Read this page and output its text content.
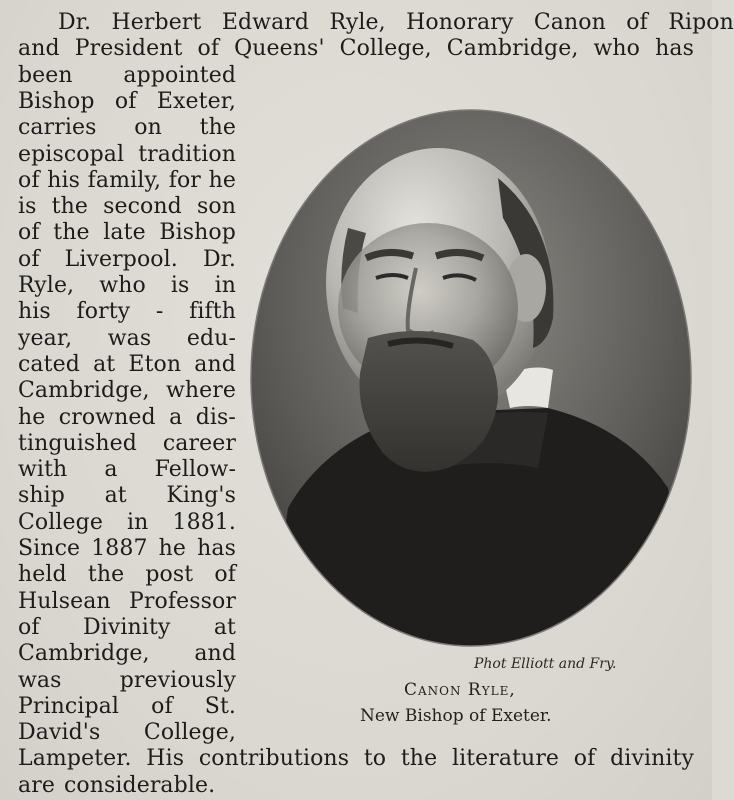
Dr. Herbert Edward Ryle, Honorary Canon of Ripon
and President of Queens' College, Cambridge, who has
been appointed
Bishop of Exeter,
carries on the
episcopal tradition
of his family, for he
is the second son
of the late Bishop
of Liverpool. Dr.
Ryle, who is in
his forty - fifth
year, was edu-
cated at Eton and
Cambridge, where
he crowned a dis-
tinguished career
with a Fellow-
ship at King's
College in 1881.
Since 1887 he has
held the post of
Hulsean Professor
of Divinity at
Cambridge, and
was	previously
Principal of St.
David's College,
Lampeter. His contributions to the literature of divinity
are considerable.
Phot Elliott and Fry.
Canon Ryle,
New Bishop of Exeter.
